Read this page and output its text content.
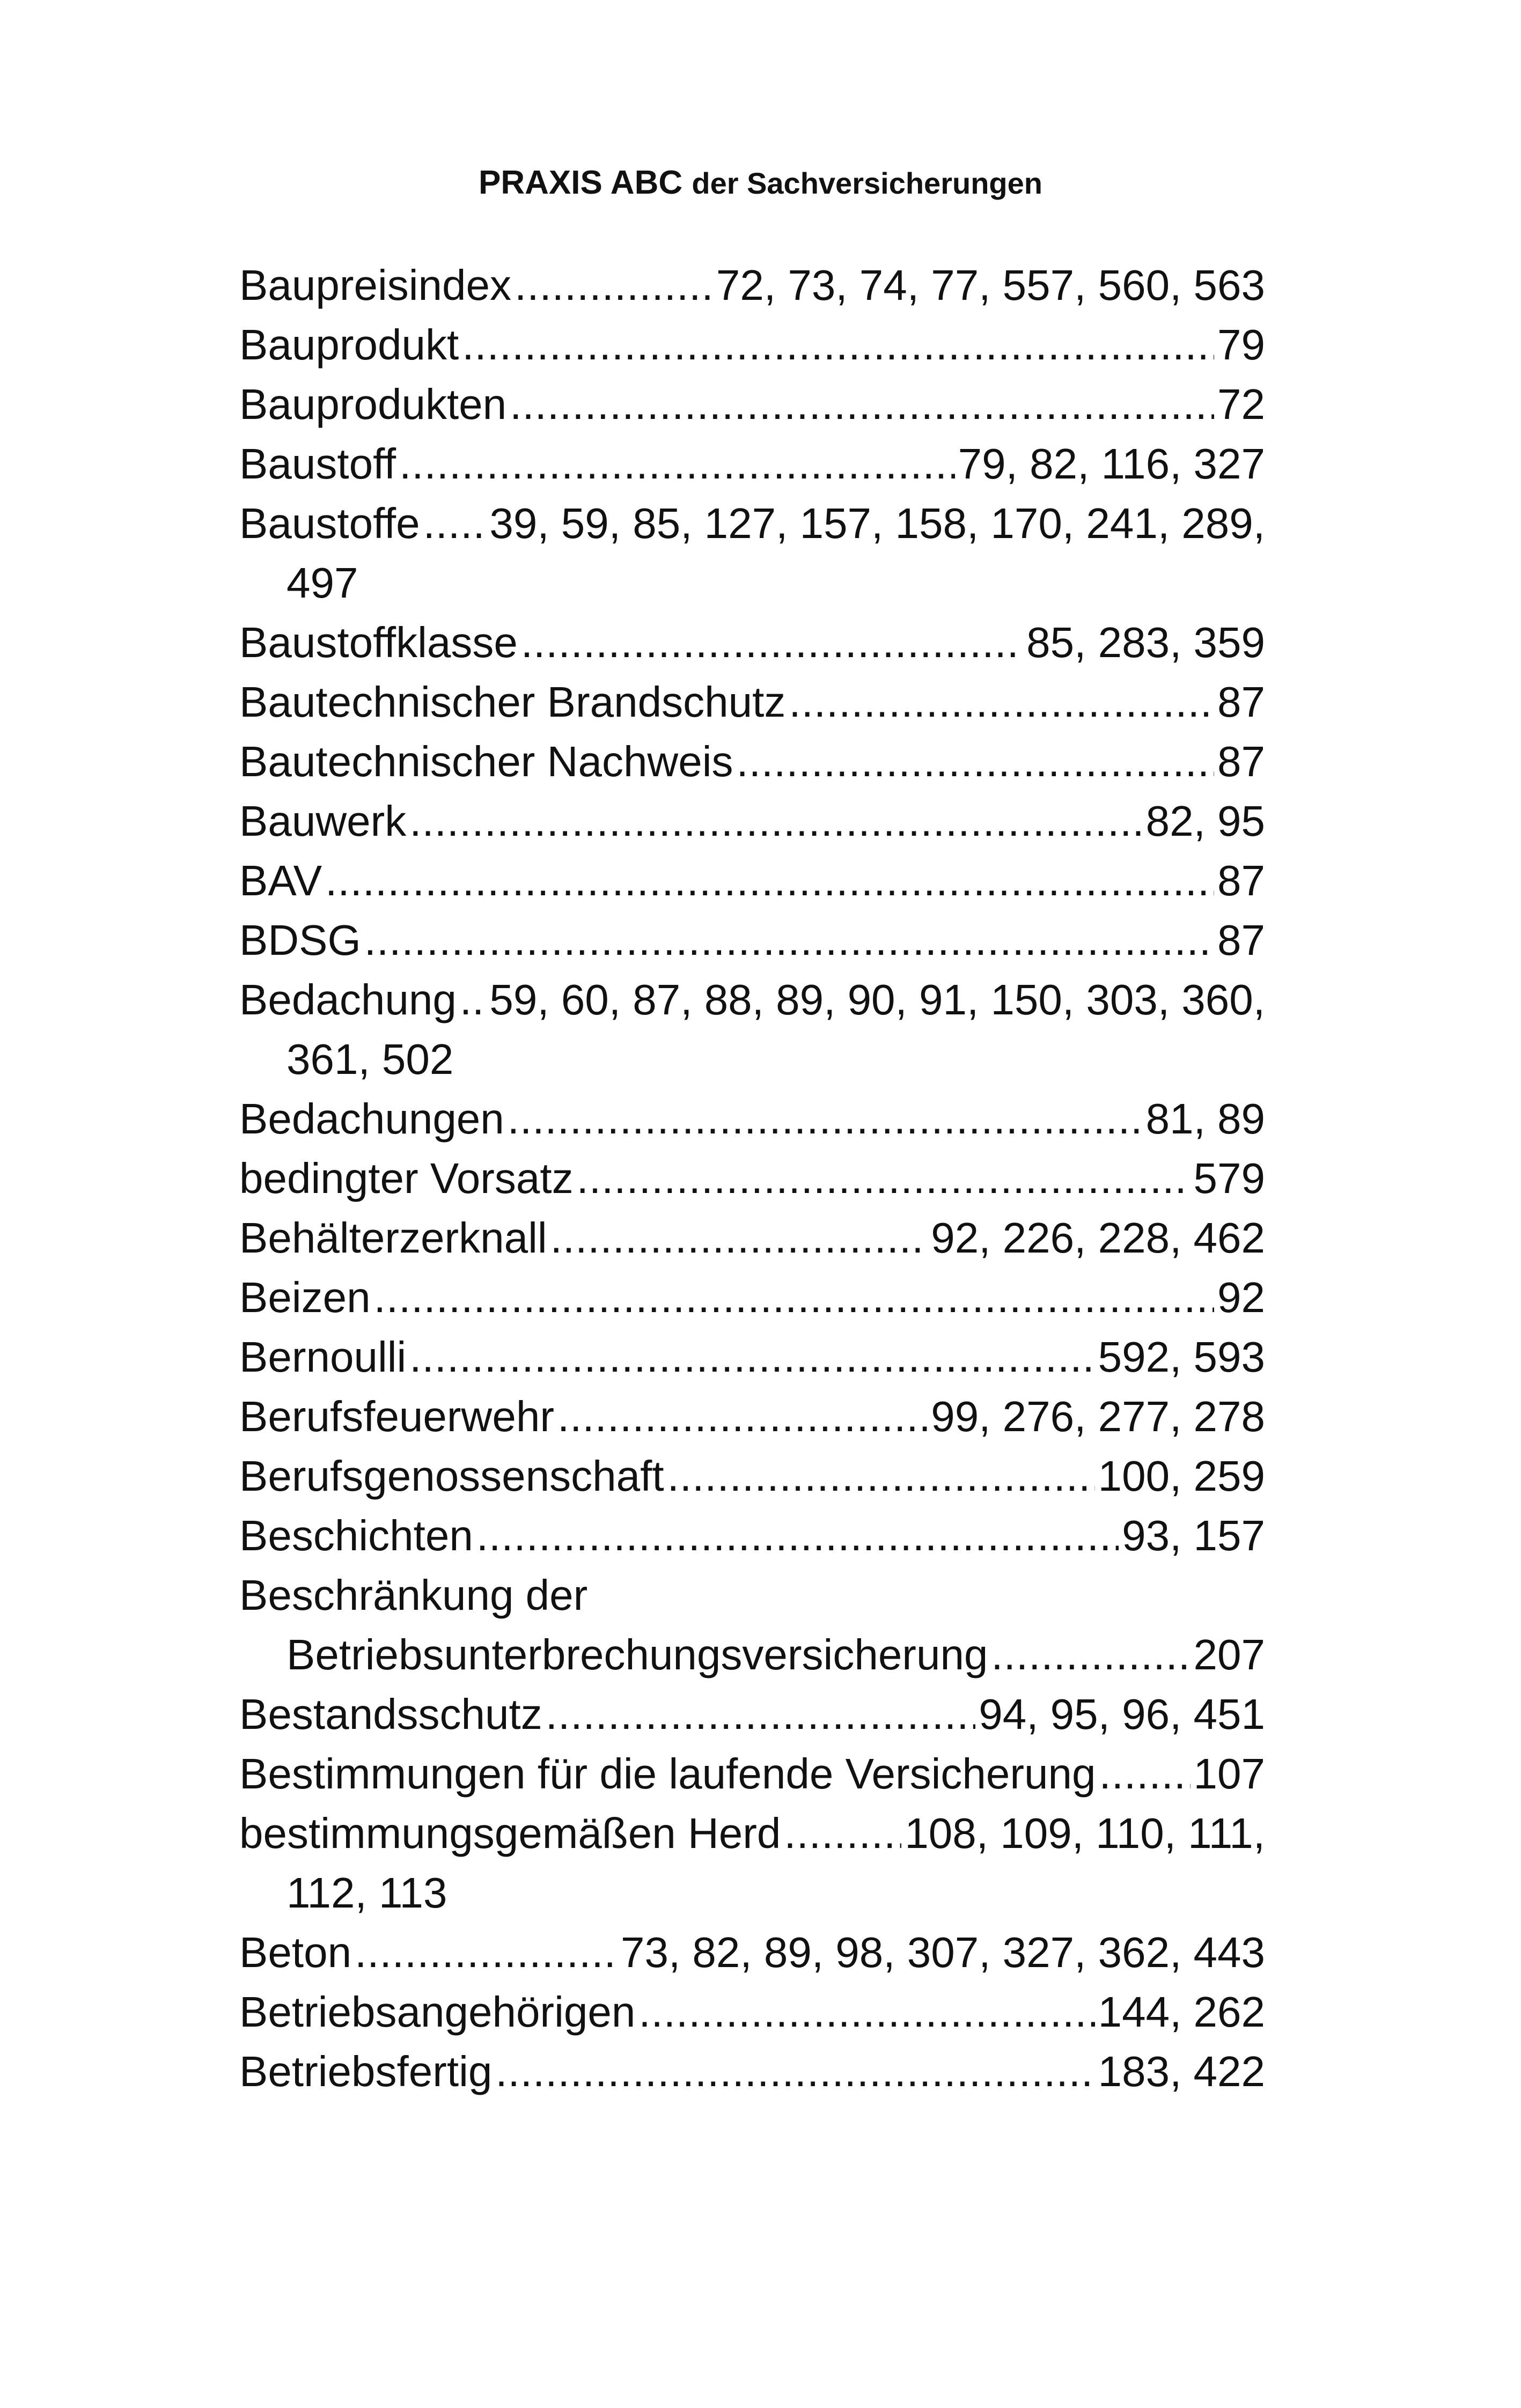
PRAXIS ABC der Sachversicherungen
Baupreisindex .....	72, 73, 74, 77, 557, 560, 563
Bauprodukt .....	79
Bauprodukten .....	72
Baustoff .....	79, 82, 116, 327
Baustoffe ..... 39, 59, 85, 127, 157, 158, 170, 241, 289,
497
Baustoffklasse .....	85, 283, 359
Bautechnischer Brandschutz .....	87
Bautechnischer Nachweis .....	87
Bauwerk .....	82, 95
BAV .....	87
BDSG .....	87
Bedachung ..... 59, 60, 87, 88, 89, 90, 91, 150, 303, 360,
361, 502
Bedachungen .....	81, 89
bedingter Vorsatz .....	579
Behälterzerknall .....	92, 226, 228, 462
Beizen .....	92
Bernoulli .....	592, 593
Berufsfeuerwehr .....	99, 276, 277, 278
Berufsgenossenschaft .....	100, 259
Beschichten .....	93, 157
Beschränkung der
Betriebsunterbrechungsversicherung .....	207
Bestandsschutz .....	94, 95, 96, 451
Bestimmungen für die laufende Versicherung ..... 107
bestimmungsgemäßen Herd .....	108, 109, 110, 111,
112, 113
Beton .....	73, 82, 89, 98, 307, 327, 362, 443
Betriebsangehörigen .....	144, 262
Betriebsfertig .....	183, 422
